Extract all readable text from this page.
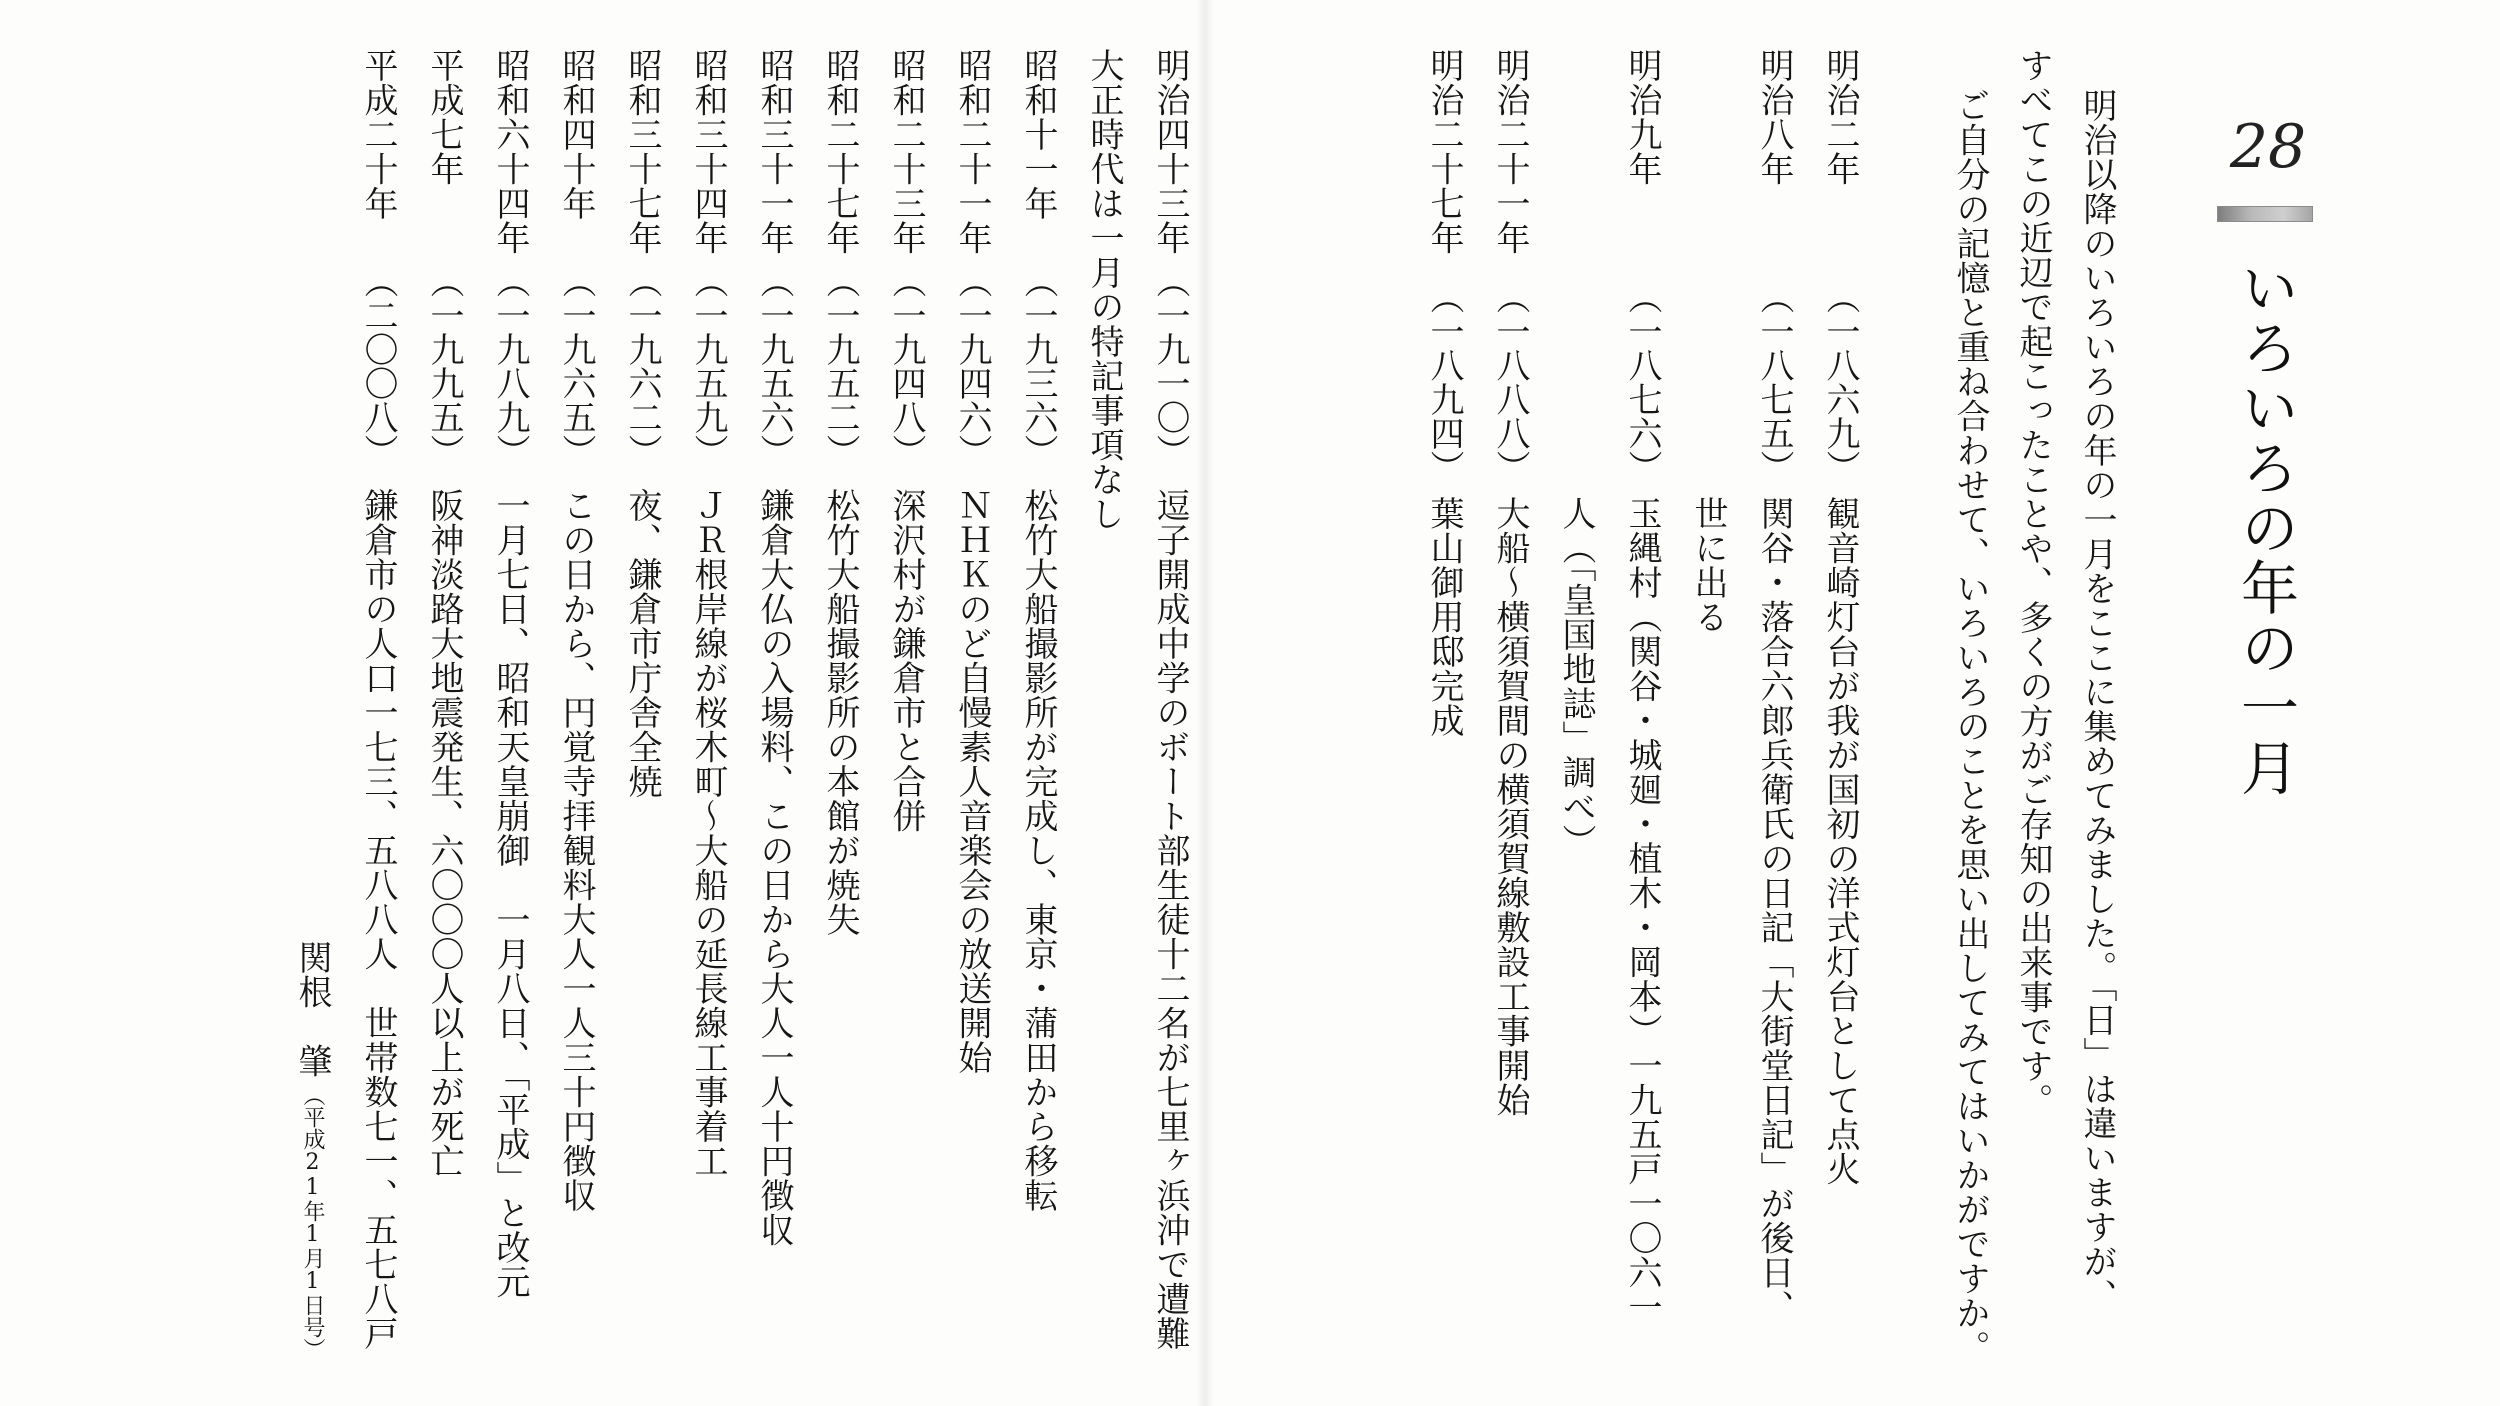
28
いろいろの年の一月
明治以降のいろいろの年の一月をここに集めてみました。「日」は違いますが、
すべてこの近辺で起こったことや、多くの方がご存知の出来事です。
ご自分の記憶と重ね合わせて、いろいろのことを思い出してみてはいかがですか。
明治二年
（一八六九）
観音崎灯台が我が国初の洋式灯台として点火
明治八年
（一八七五）
関谷・落合六郎兵衛氏の日記「大街堂日記」が後日、
世に出る
明治九年
（一八七六）
玉縄村（関谷・城廻・植木・岡本）一九五戸一〇六一
人（「皇国地誌」調べ）
明治二十一年
（一八八八）
大船〜横須賀間の横須賀線敷設工事開始
明治二十七年
（一八九四）
葉山御用邸完成
明治四十三年
（一九一〇）
逗子開成中学のボート部生徒十二名が七里ヶ浜沖で遭難
大正時代は一月の特記事項なし
昭和十一年
（一九三六）
松竹大船撮影所が完成し、東京・蒲田から移転
昭和二十一年
（一九四六）
ＮＨＫのど自慢素人音楽会の放送開始
昭和二十三年
（一九四八）
深沢村が鎌倉市と合併
昭和二十七年
（一九五二）
松竹大船撮影所の本館が焼失
昭和三十一年
（一九五六）
鎌倉大仏の入場料、この日から大人一人十円徴収
昭和三十四年
（一九五九）
ＪＲ根岸線が桜木町〜大船の延長線工事着工
昭和三十七年
（一九六二）
夜、鎌倉市庁舎全焼
昭和四十年
（一九六五）
この日から、円覚寺拝観料大人一人三十円徴収
昭和六十四年
（一九八九）
一月七日、昭和天皇崩御　一月八日、「平成」と改元
平成七年
（一九九五）
阪神淡路大地震発生、六〇〇〇人以上が死亡
平成二十年
（二〇〇八）
鎌倉市の人口一七三、五八八人　世帯数七一、五七八戸
関根　肇
（平成21年1月1日号）
